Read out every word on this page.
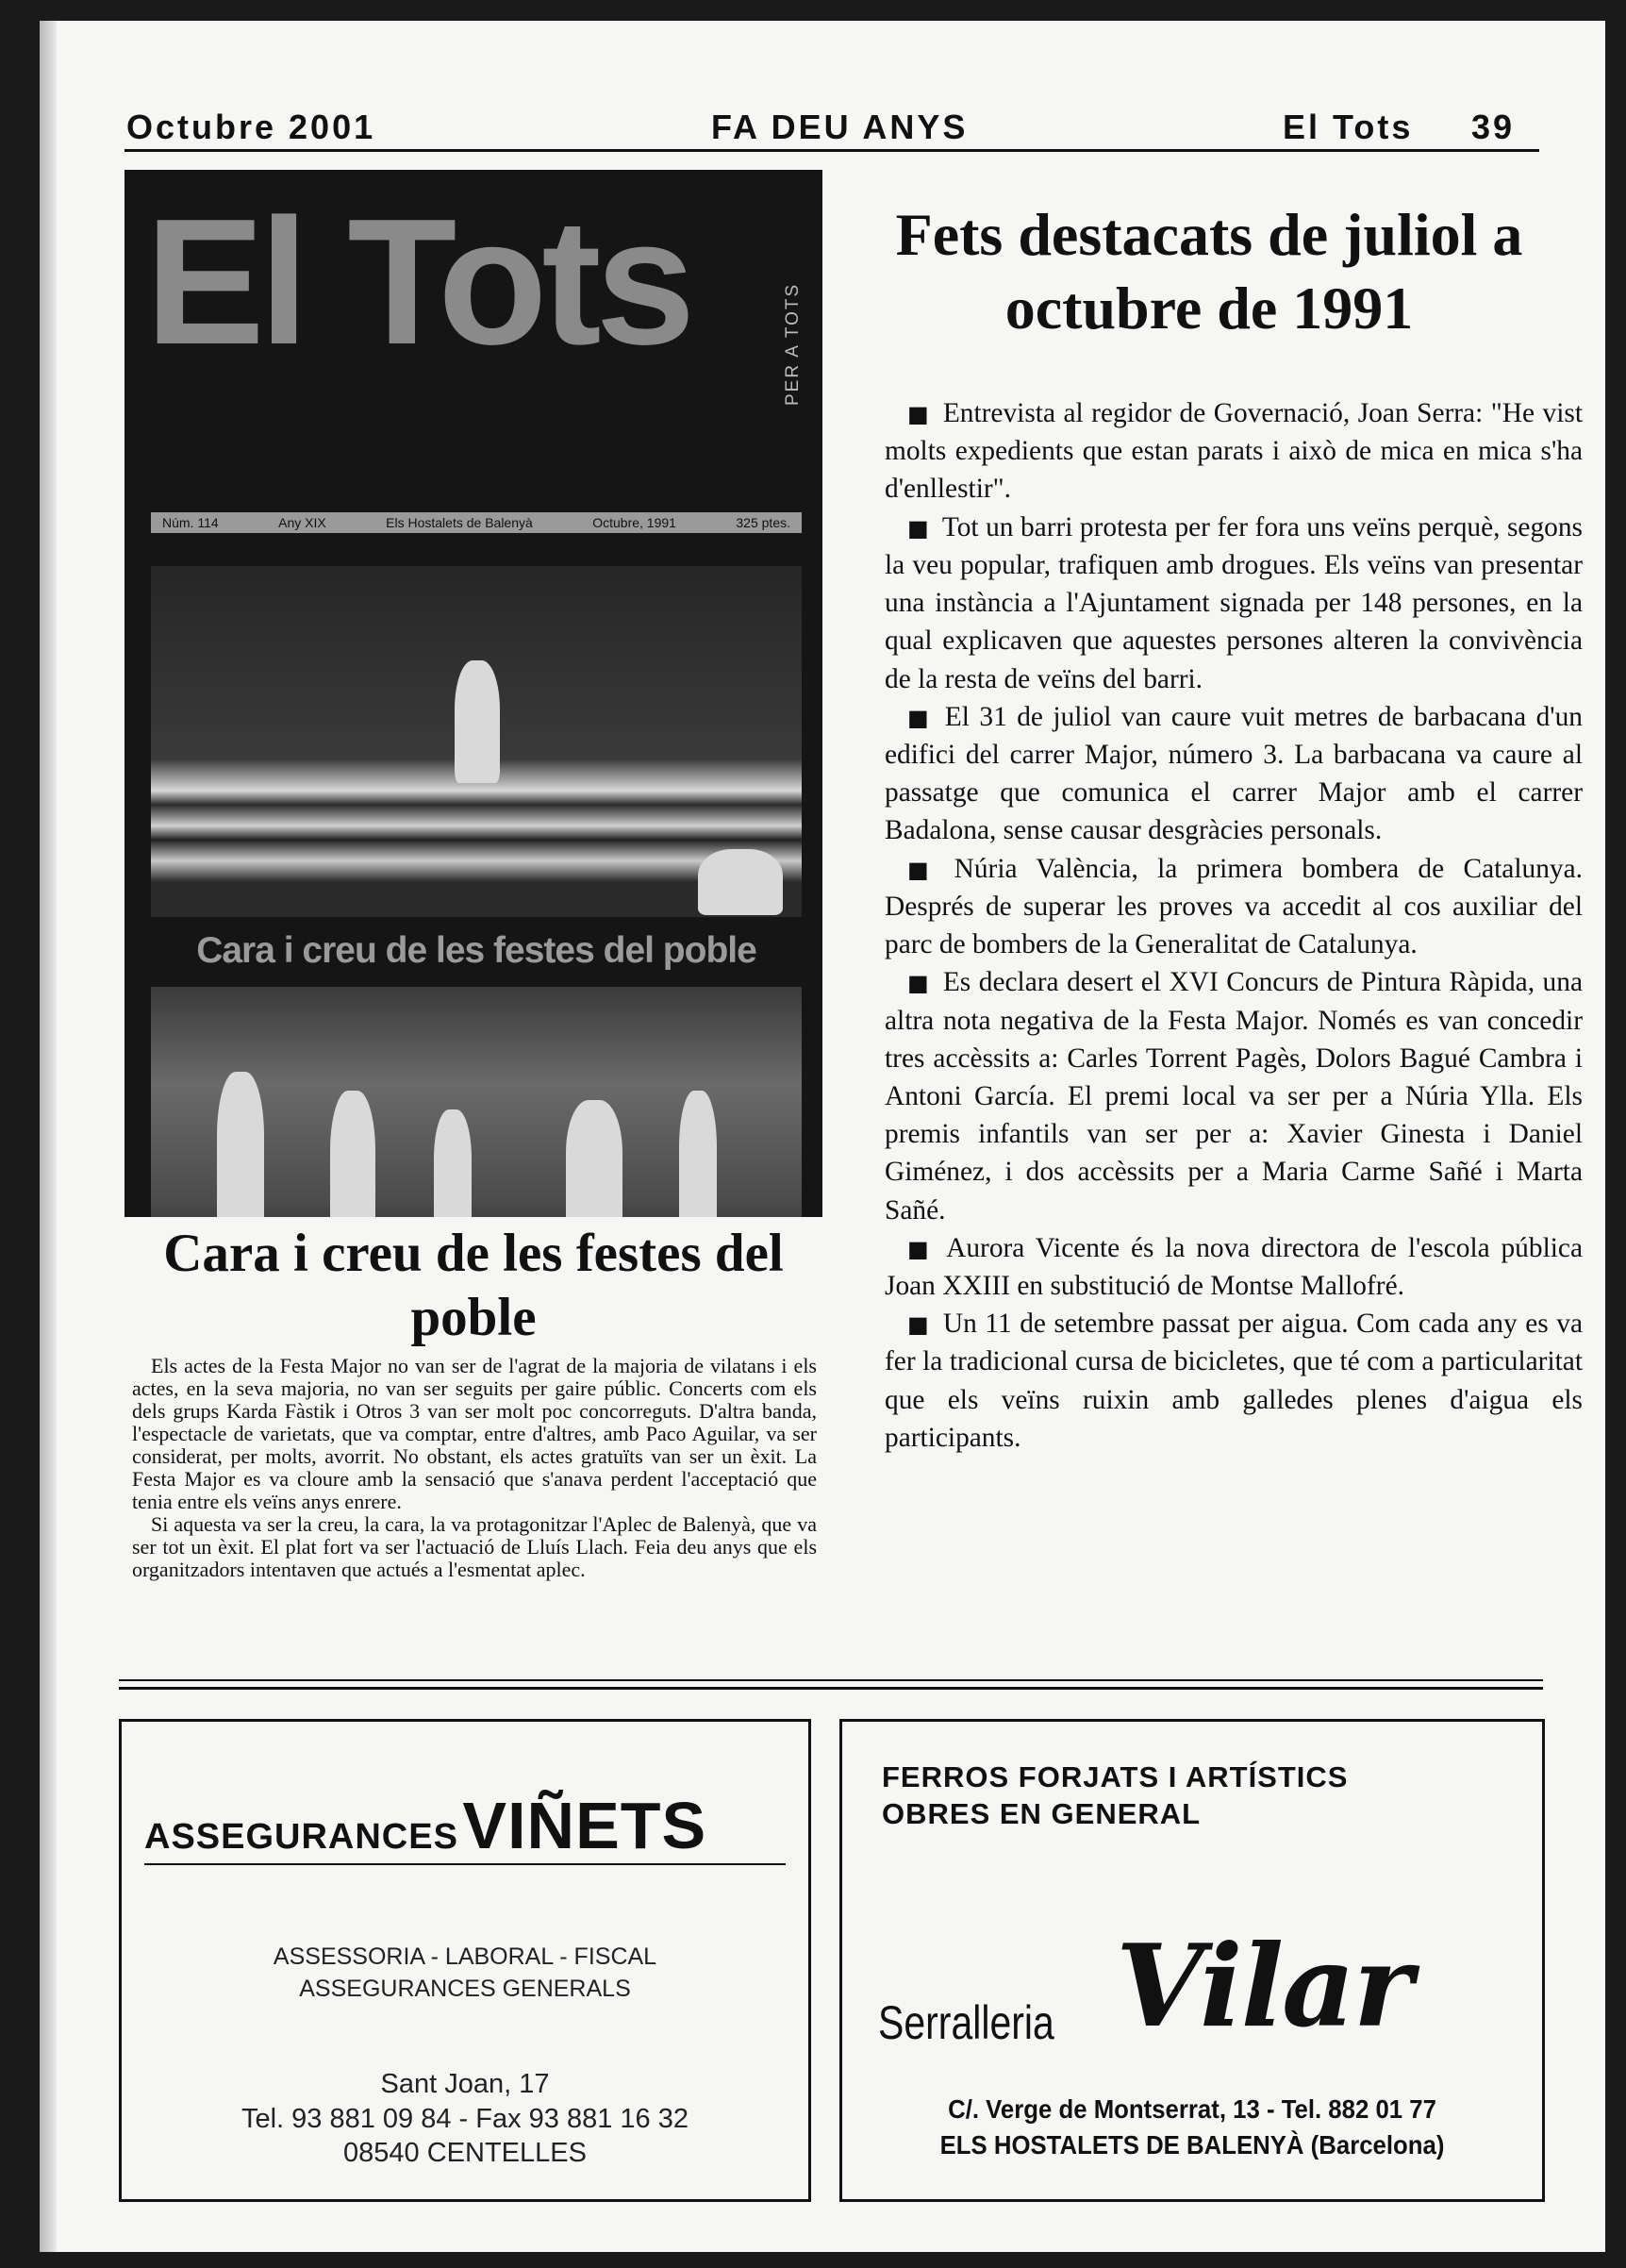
Octubre 2001	FA DEU ANYS	El Tots 39
El Tots	PER A TOTS
Núm. 114	Any XIX	Els Hostalets de Balenyà	Octubre, 1991	325 ptes.
Cara i creu de les festes del poble
Cara i creu de les festes del poble

Els actes de la Festa Major no van ser de l'agrat de la majoria de vilatans i els actes, en la seva majoria, no van ser seguits per gaire públic. Concerts com els dels grups Karda Fàstik i Otros 3 van ser molt poc concorreguts. D'altra banda, l'espectacle de varietats, que va comptar, entre d'altres, amb Paco Aguilar, va ser considerat, per molts, avorrit. No obstant, els actes gratuïts van ser un èxit. La Festa Major es va cloure amb la sensació que s'anava perdent l'acceptació que tenia entre els veïns anys enrere.

Si aquesta va ser la creu, la cara, la va protagonitzar l'Aplec de Balenyà, que va ser tot un èxit. El plat fort va ser l'actuació de Lluís Llach. Feia deu anys que els organitzadors intentaven que actués a l'esmentat aplec.

Fets destacats de juliol a octubre de 1991

■ Entrevista al regidor de Governació, Joan Serra: "He vist molts expedients que estan parats i això de mica en mica s'ha d'enllestir".

■ Tot un barri protesta per fer fora uns veïns perquè, segons la veu popular, trafiquen amb drogues. Els veïns van presentar una instància a l'Ajuntament signada per 148 persones, en la qual explicaven que aquestes persones alteren la convivència de la resta de veïns del barri.

■ El 31 de juliol van caure vuit metres de barbacana d'un edifici del carrer Major, número 3. La barbacana va caure al passatge que comunica el carrer Major amb el carrer Badalona, sense causar desgràcies personals.

■ Núria València, la primera bombera de Catalunya. Després de superar les proves va accedit al cos auxiliar del parc de bombers de la Generalitat de Catalunya.

■ Es declara desert el XVI Concurs de Pintura Ràpida, una altra nota negativa de la Festa Major. Només es van concedir tres accèssits a: Carles Torrent Pagès, Dolors Bagué Cambra i Antoni García. El premi local va ser per a Núria Ylla. Els premis infantils van ser per a: Xavier Ginesta i Daniel Giménez, i dos accèssits per a Maria Carme Sañé i Marta Sañé.

■ Aurora Vicente és la nova directora de l'escola pública Joan XXIII en substitució de Montse Mallofré.

■ Un 11 de setembre passat per aigua. Com cada any es va fer la tradicional cursa de bicicletes, que té com a particularitat que els veïns ruixin amb galledes plenes d'aigua els participants.

ASSEGURANCES VIÑETS
ASSESSORIA - LABORAL - FISCAL
ASSEGURANCES GENERALS
Sant Joan, 17
Tel. 93 881 09 84 - Fax 93 881 16 32
08540 CENTELLES
FERROS FORJATS I ARTÍSTICS
OBRES EN GENERAL
Serralleria Vilar
C/. Verge de Montserrat, 13 - Tel. 882 01 77
ELS HOSTALETS DE BALENYÀ (Barcelona)
